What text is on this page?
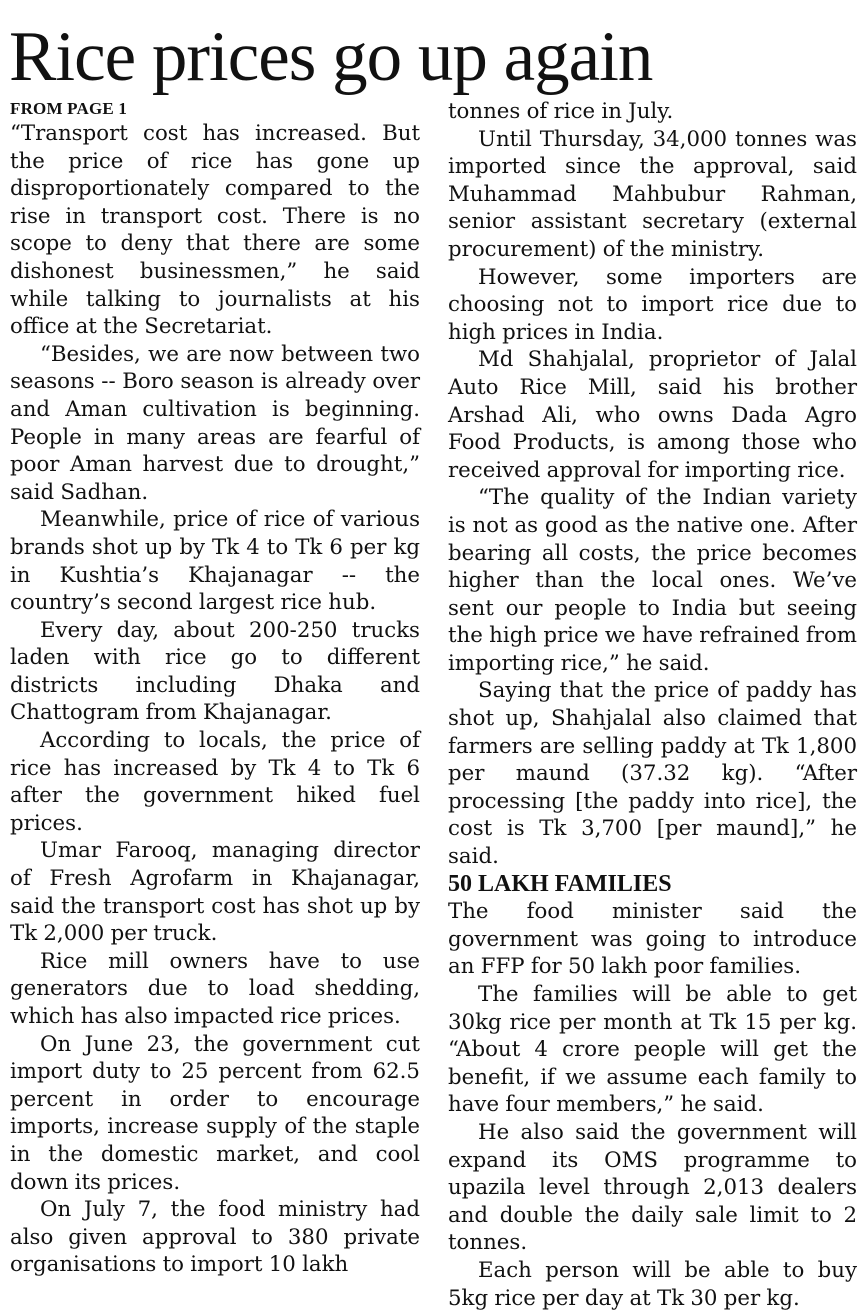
Rice prices go up again

FROM PAGE 1

“Transport cost has increased. But the price of rice has gone up disproportionately compared to the rise in transport cost. There is no scope to deny that there are some dishonest businessmen,” he said while talking to journalists at his office at the Secretariat.

“Besides, we are now between two seasons -- Boro season is already over and Aman cultivation is beginning. People in many areas are fearful of poor Aman harvest due to drought,” said Sadhan.

Meanwhile, price of rice of various brands shot up by Tk 4 to Tk 6 per kg in Kushtia’s Khajanagar -- the country’s second largest rice hub.

Every day, about 200-250 trucks laden with rice go to different districts including Dhaka and Chattogram from Khajanagar.

According to locals, the price of rice has increased by Tk 4 to Tk 6 after the government hiked fuel prices.

Umar Farooq, managing director of Fresh Agrofarm in Khajanagar, said the transport cost has shot up by Tk 2,000 per truck.

Rice mill owners have to use generators due to load shedding, which has also impacted rice prices.

On June 23, the government cut import duty to 25 percent from 62.5 percent in order to encourage imports, increase supply of the staple in the domestic market, and cool down its prices.

On July 7, the food ministry had also given approval to 380 private organisations to import 10 lakh

tonnes of rice in July.

Until Thursday, 34,000 tonnes was imported since the approval, said Muhammad Mahbubur Rahman, senior assistant secretary (external procurement) of the ministry.

However, some importers are choosing not to import rice due to high prices in India.

Md Shahjalal, proprietor of Jalal Auto Rice Mill, said his brother Arshad Ali, who owns Dada Agro Food Products, is among those who received approval for importing rice.

“The quality of the Indian variety is not as good as the native one. After bearing all costs, the price becomes higher than the local ones. We’ve sent our people to India but seeing the high price we have refrained from importing rice,” he said.

Saying that the price of paddy has shot up, Shahjalal also claimed that farmers are selling paddy at Tk 1,800 per maund (37.32 kg). “After processing [the paddy into rice], the cost is Tk 3,700 [per maund],” he said.

50 LAKH FAMILIES

The food minister said the government was going to introduce an FFP for 50 lakh poor families.

The families will be able to get 30kg rice per month at Tk 15 per kg. “About 4 crore people will get the benefit, if we assume each family to have four members,” he said.

He also said the government will expand its OMS programme to upazila level through 2,013 dealers and double the daily sale limit to 2 tonnes.

Each person will be able to buy 5kg rice per day at Tk 30 per kg.
